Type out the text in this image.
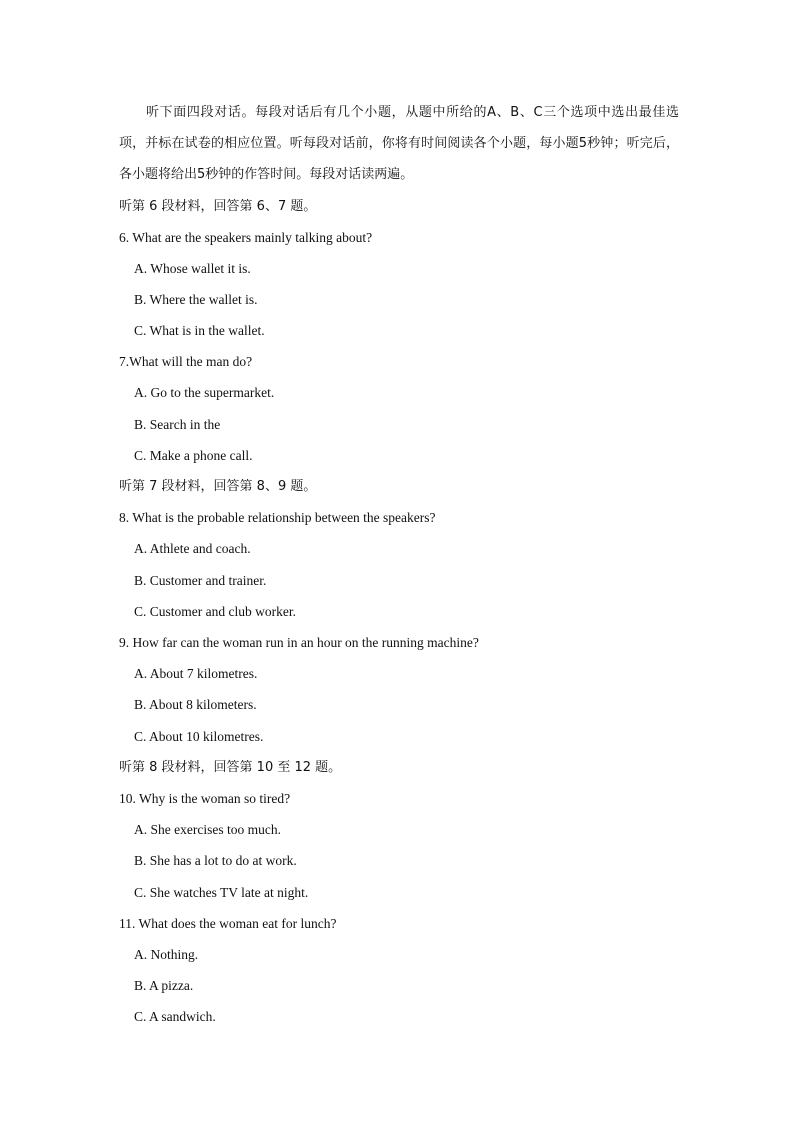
听下面四段对话。每段对话后有几个小题，从题中所给的A、B、C三个选项中选出最佳选项，并标在试卷的相应位置。听每段对话前，你将有时间阅读各个小题，每小题5秒钟；听完后，各小题将给出5秒钟的作答时间。每段对话读两遍。
听第 6 段材料，回答第 6、7 题。
6. What are the speakers mainly talking about?
A. Whose wallet it is.
B. Where the wallet is.
C. What is in the wallet.
7.What will the man do?
A. Go to the supermarket.
B. Search in the
C. Make a phone call.
听第 7 段材料，回答第 8、9 题。
8. What is the probable relationship between the speakers?
A. Athlete and coach.
B. Customer and trainer.
C. Customer and club worker.
9. How far can the woman run in an hour on the running machine?
A. About 7 kilometres.
B. About 8 kilometers.
C. About 10 kilometres.
听第 8 段材料，回答第 10 至 12 题。
10. Why is the woman so tired?
A. She exercises too much.
B. She has a lot to do at work.
C. She watches TV late at night.
11. What does the woman eat for lunch?
A. Nothing.
B. A pizza.
C. A sandwich.
